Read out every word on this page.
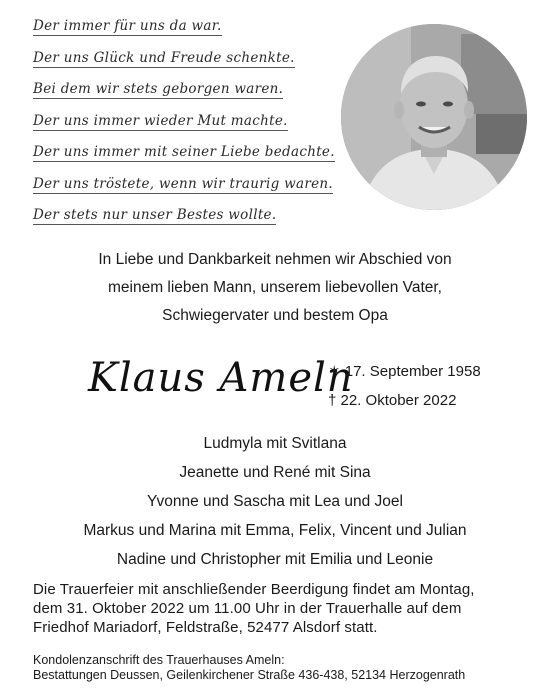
Der immer für uns da war.
Der uns Glück und Freude schenkte.
Bei dem wir stets geborgen waren.
Der uns immer wieder Mut machte.
Der uns immer mit seiner Liebe bedachte.
Der uns tröstete, wenn wir traurig waren.
Der stets nur unser Bestes wollte.
In Liebe und Dankbarkeit nehmen wir Abschied von
meinem lieben Mann, unserem liebevollen Vater,
Schwiegervater und bestem Opa
Klaus Ameln
✶ 17. September 1958
† 22. Oktober 2022
Ludmyla mit Svitlana
Jeanette und René mit Sina
Yvonne und Sascha mit Lea und Joel
Markus und Marina mit Emma, Felix, Vincent und Julian
Nadine und Christopher mit Emilia und Leonie
Die Trauerfeier mit anschließender Beerdigung findet am Montag,
dem 31. Oktober 2022 um 11.00 Uhr in der Trauerhalle auf dem
Friedhof Mariadorf, Feldstraße, 52477 Alsdorf statt.
Kondolenzanschrift des Trauerhauses Ameln:
Bestattungen Deussen, Geilenkirchener Straße 436-438, 52134 Herzogenrath
